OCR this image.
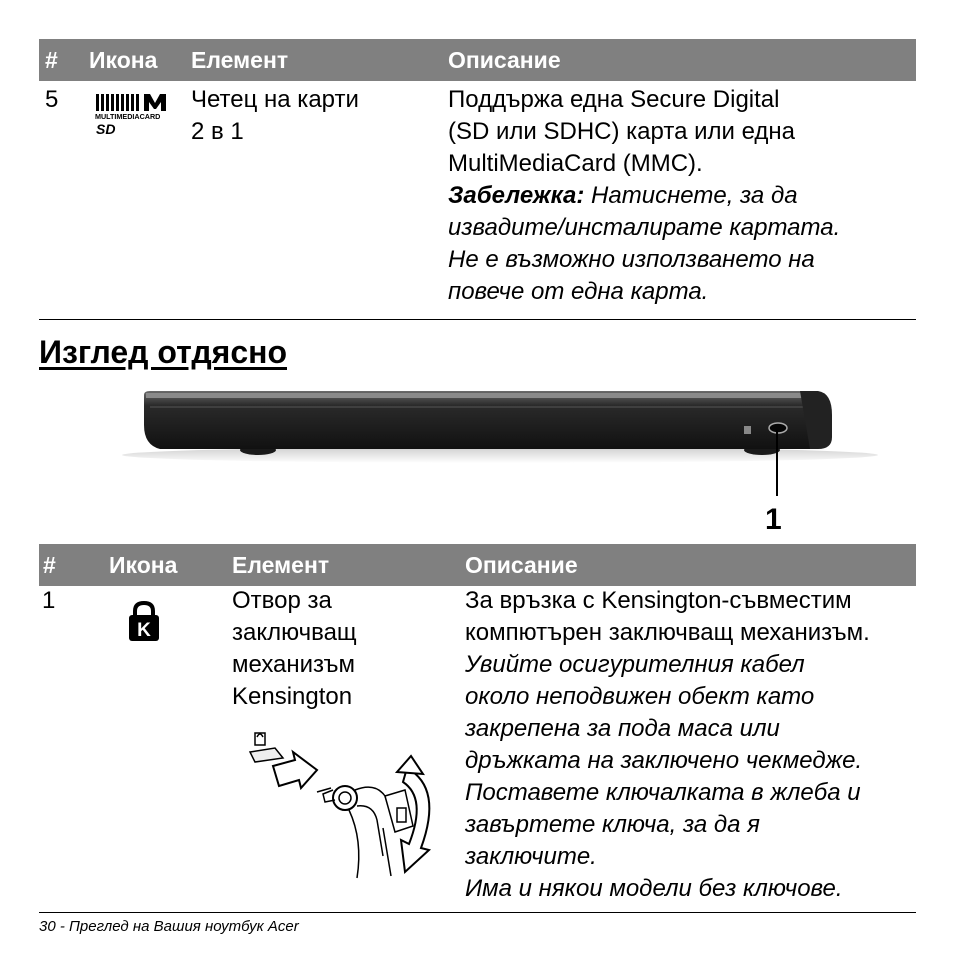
# Икона Елемент	Описание
5
MULTIMEDIACARD
SD
Четец на карти
2 в 1
Поддържа една Secure Digital
(SD или SDHC) карта или една
MultiMediaCard (MMC).
Забележка: Натиснете, за да
извадите/инсталирате картата.
Не е възможно използването на
повече от една карта.
Изглед отдясно
1
# Икона Елемент	Описание
1
K
Отвор за
заключващ
механизъм
Kensington
За връзка с Kensington-съвместим
компютърен заключващ механизъм.
Увийте осигурителния кабел
около неподвижен обект като
закрепена за пода маса или
дръжката на заключено чекмедже.
Поставете ключалката в жлеба и
завъртете ключа, за да я
заключите.
Има и някои модели без ключове.
30 - Преглед на Вашия ноутбук Acer
